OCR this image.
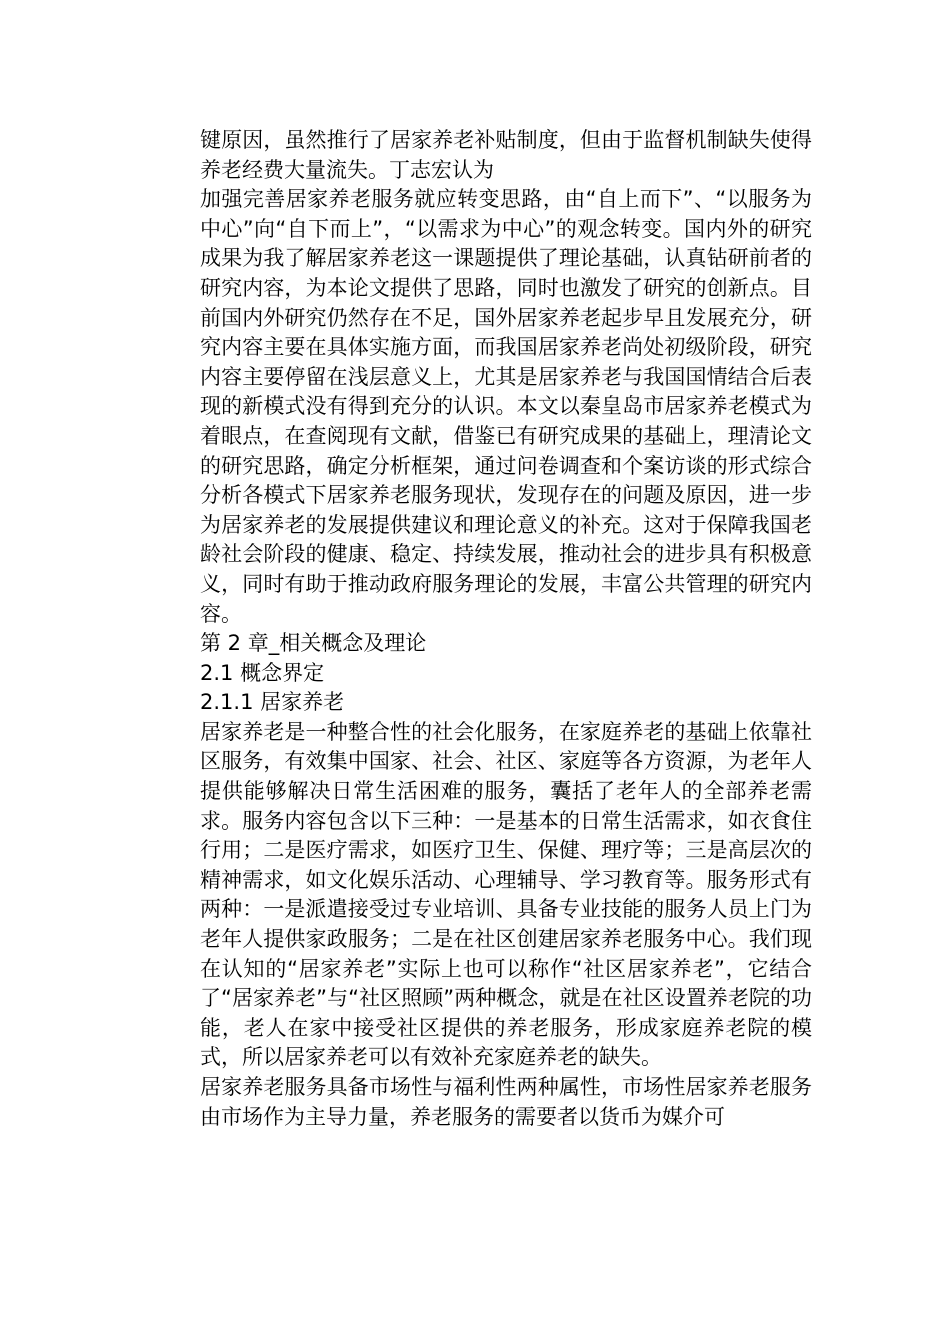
键原因，虽然推行了居家养老补贴制度，但由于监督机制缺失使得养老经费大量流失。丁志宏认为

加强完善居家养老服务就应转变思路，由“自上而下”、“以服务为中心”向“自下而上”，“以需求为中心”的观念转变。国内外的研究成果为我了解居家养老这一课题提供了理论基础，认真钻研前者的研究内容，为本论文提供了思路，同时也激发了研究的创新点。目前国内外研究仍然存在不足，国外居家养老起步早且发展充分，研究内容主要在具体实施方面，而我国居家养老尚处初级阶段，研究内容主要停留在浅层意义上，尤其是居家养老与我国国情结合后表现的新模式没有得到充分的认识。本文以秦皇岛市居家养老模式为着眼点，在查阅现有文献，借鉴已有研究成果的基础上，理清论文的研究思路，确定分析框架，通过问卷调查和个案访谈的形式综合分析各模式下居家养老服务现状，发现存在的问题及原因，进一步为居家养老的发展提供建议和理论意义的补充。这对于保障我国老龄社会阶段的健康、稳定、持续发展，推动社会的进步具有积极意义，同时有助于推动政府服务理论的发展，丰富公共管理的研究内容。

第 2 章_相关概念及理论
2.1 概念界定
2.1.1 居家养老

居家养老是一种整合性的社会化服务，在家庭养老的基础上依靠社区服务，有效集中国家、社会、社区、家庭等各方资源，为老年人提供能够解决日常生活困难的服务，囊括了老年人的全部养老需求。服务内容包含以下三种：一是基本的日常生活需求，如衣食住行用；二是医疗需求，如医疗卫生、保健、理疗等；三是高层次的精神需求，如文化娱乐活动、心理辅导、学习教育等。服务形式有两种：一是派遣接受过专业培训、具备专业技能的服务人员上门为老年人提供家政服务；二是在社区创建居家养老服务中心。我们现在认知的“居家养老”实际上也可以称作“社区居家养老”，它结合了“居家养老”与“社区照顾”两种概念，就是在社区设置养老院的功能，老人在家中接受社区提供的养老服务，形成家庭养老院的模式，所以居家养老可以有效补充家庭养老的缺失。

居家养老服务具备市场性与福利性两种属性，市场性居家养老服务由市场作为主导力量，养老服务的需要者以货币为媒介可
